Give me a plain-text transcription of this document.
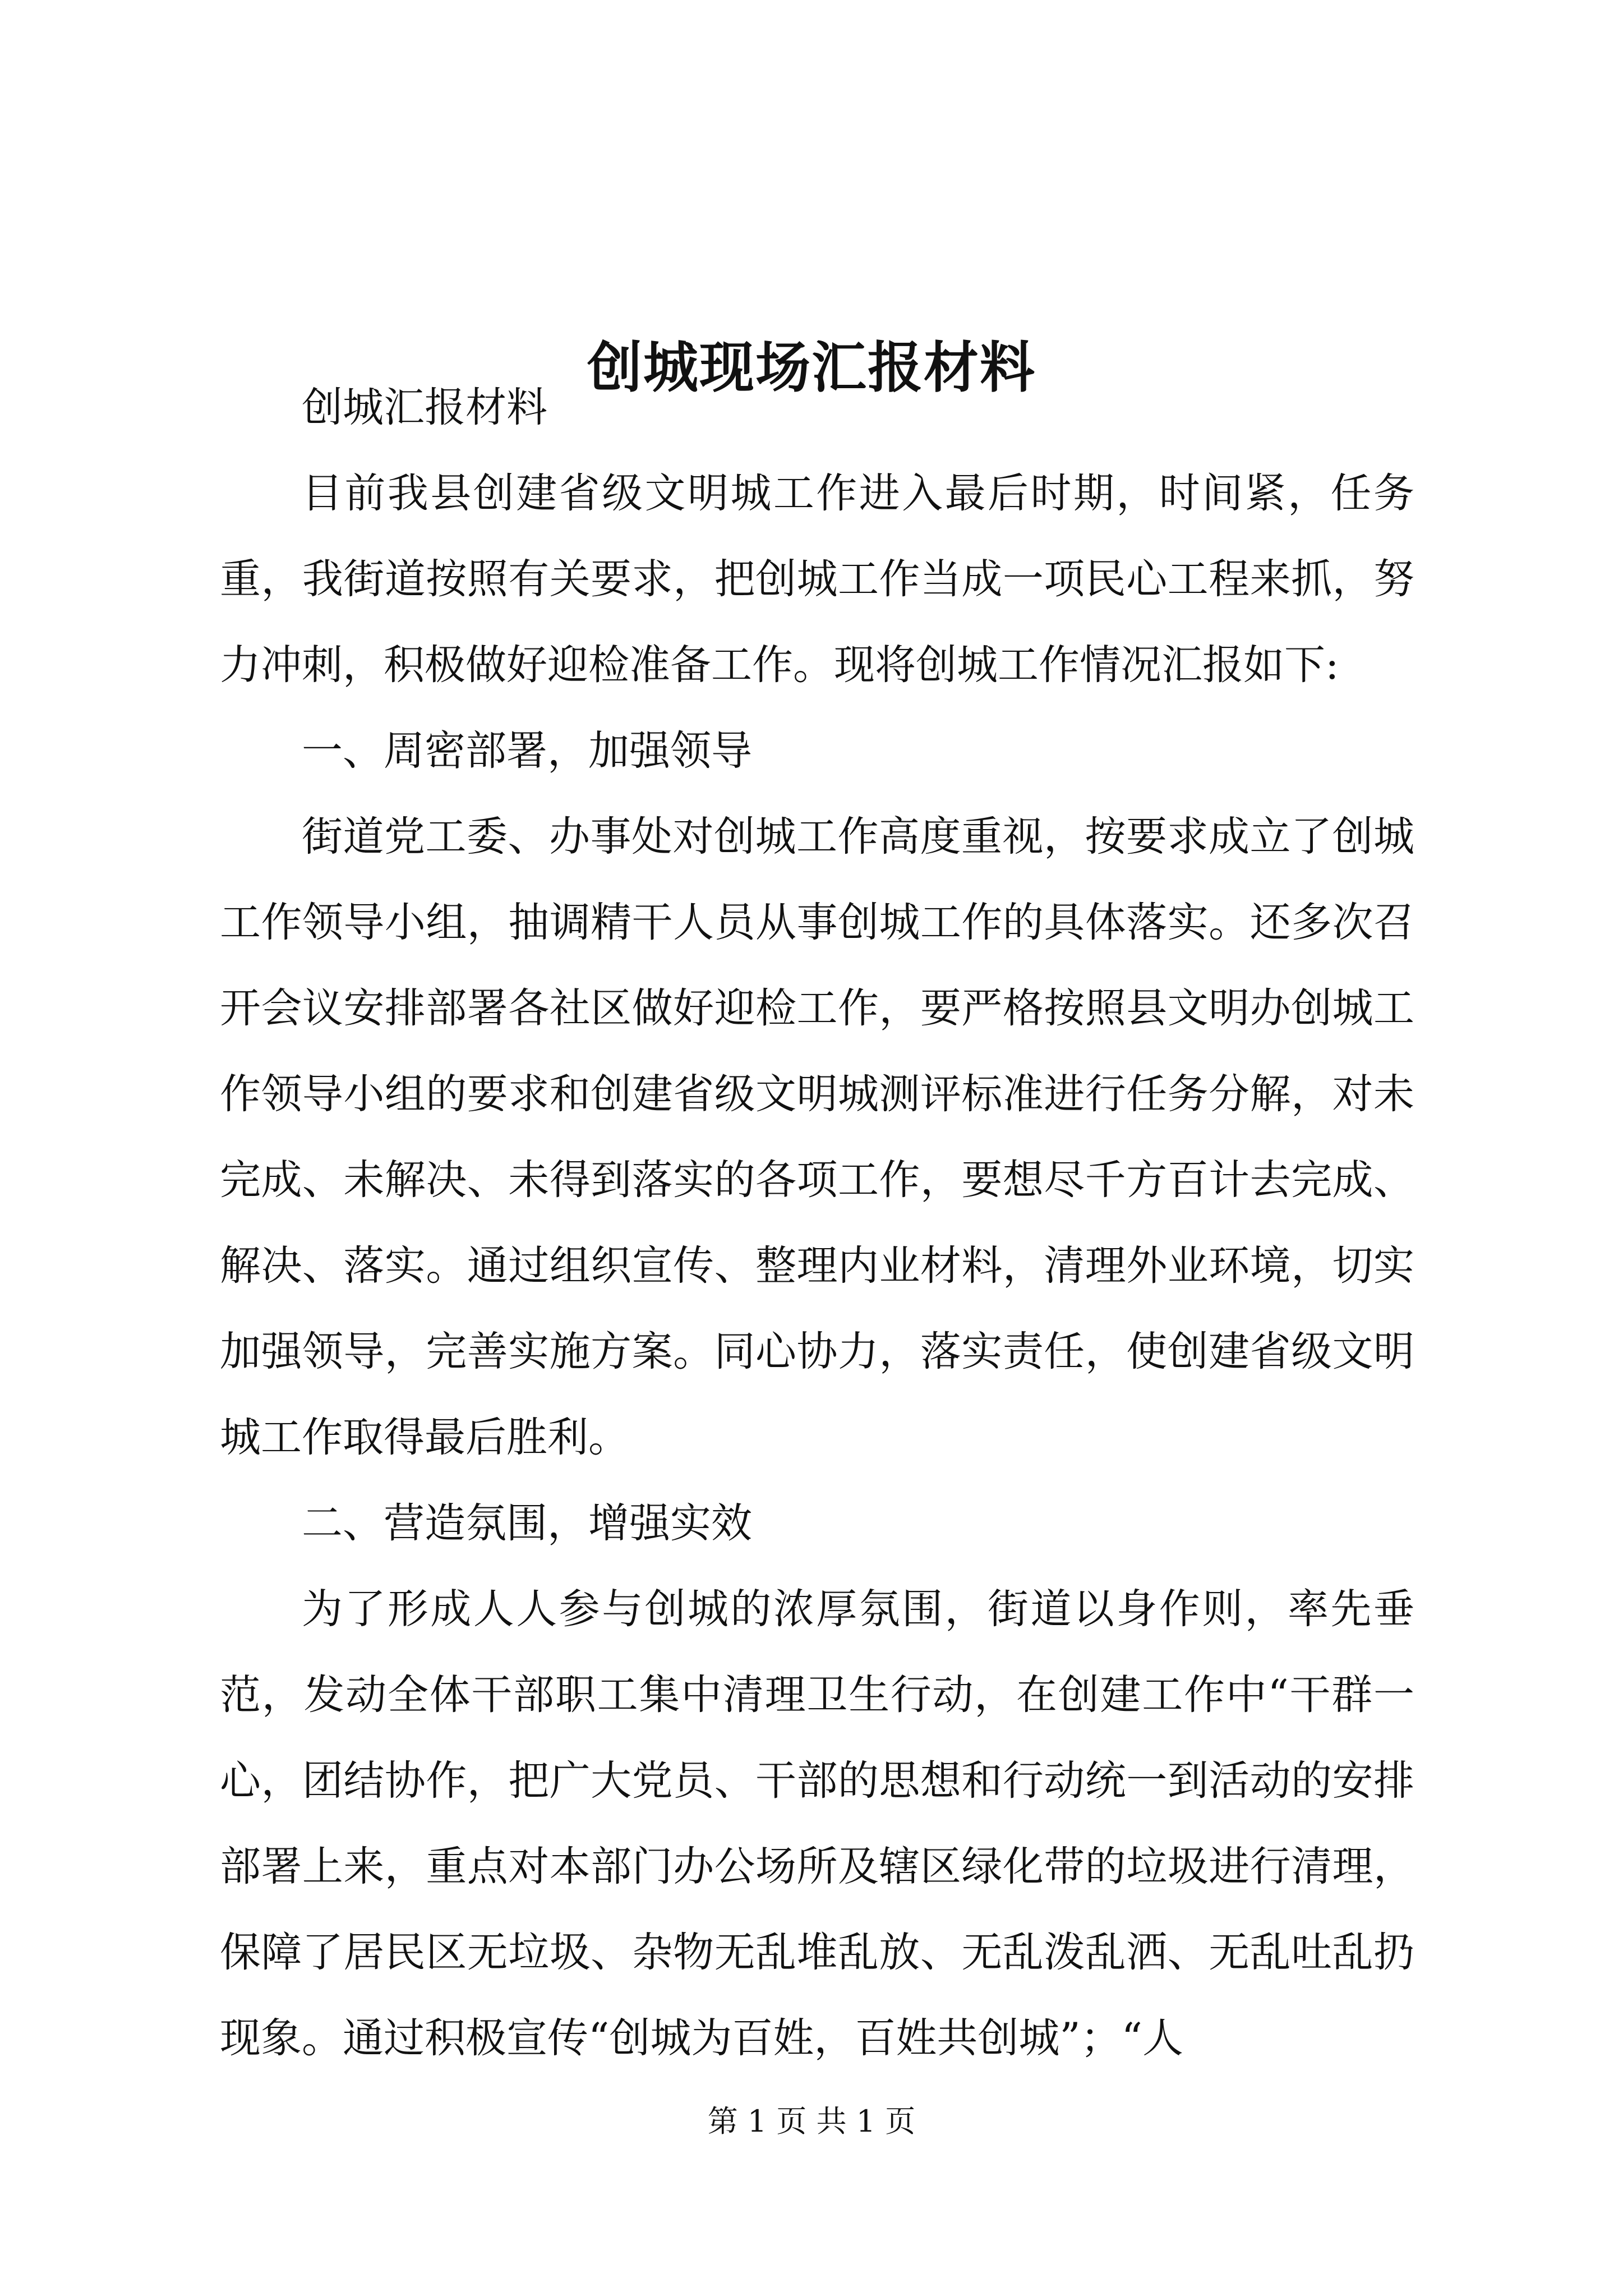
创城现场汇报材料

创城汇报材料

目前我县创建省级文明城工作进入最后时期，时间紧，任务重，我街道按照有关要求，把创城工作当成一项民心工程来抓，努力冲刺，积极做好迎检准备工作。现将创城工作情况汇报如下:

一、周密部署，加强领导

街道党工委、办事处对创城工作高度重视，按要求成立了创城工作领导小组，抽调精干人员从事创城工作的具体落实。还多次召开会议安排部署各社区做好迎检工作，要严格按照县文明办创城工作领导小组的要求和创建省级文明城测评标准进行任务分解，对未完成、未解决、未得到落实的各项工作，要想尽千方百计去完成、解决、落实。通过组织宣传、整理内业材料，清理外业环境，切实加强领导，完善实施方案。同心协力，落实责任，使创建省级文明城工作取得最后胜利。

二、营造氛围，增强实效

为了形成人人参与创城的浓厚氛围，街道以身作则，率先垂范，发动全体干部职工集中清理卫生行动，在创建工作中“干群一心，团结协作，把广大党员、干部的思想和行动统一到活动的安排部署上来，重点对本部门办公场所及辖区绿化带的垃圾进行清理，保障了居民区无垃圾、杂物无乱堆乱放、无乱泼乱洒、无乱吐乱扔现象。通过积极宣传“创城为百姓，百姓共创城”；“人

第 1 页 共 1 页
